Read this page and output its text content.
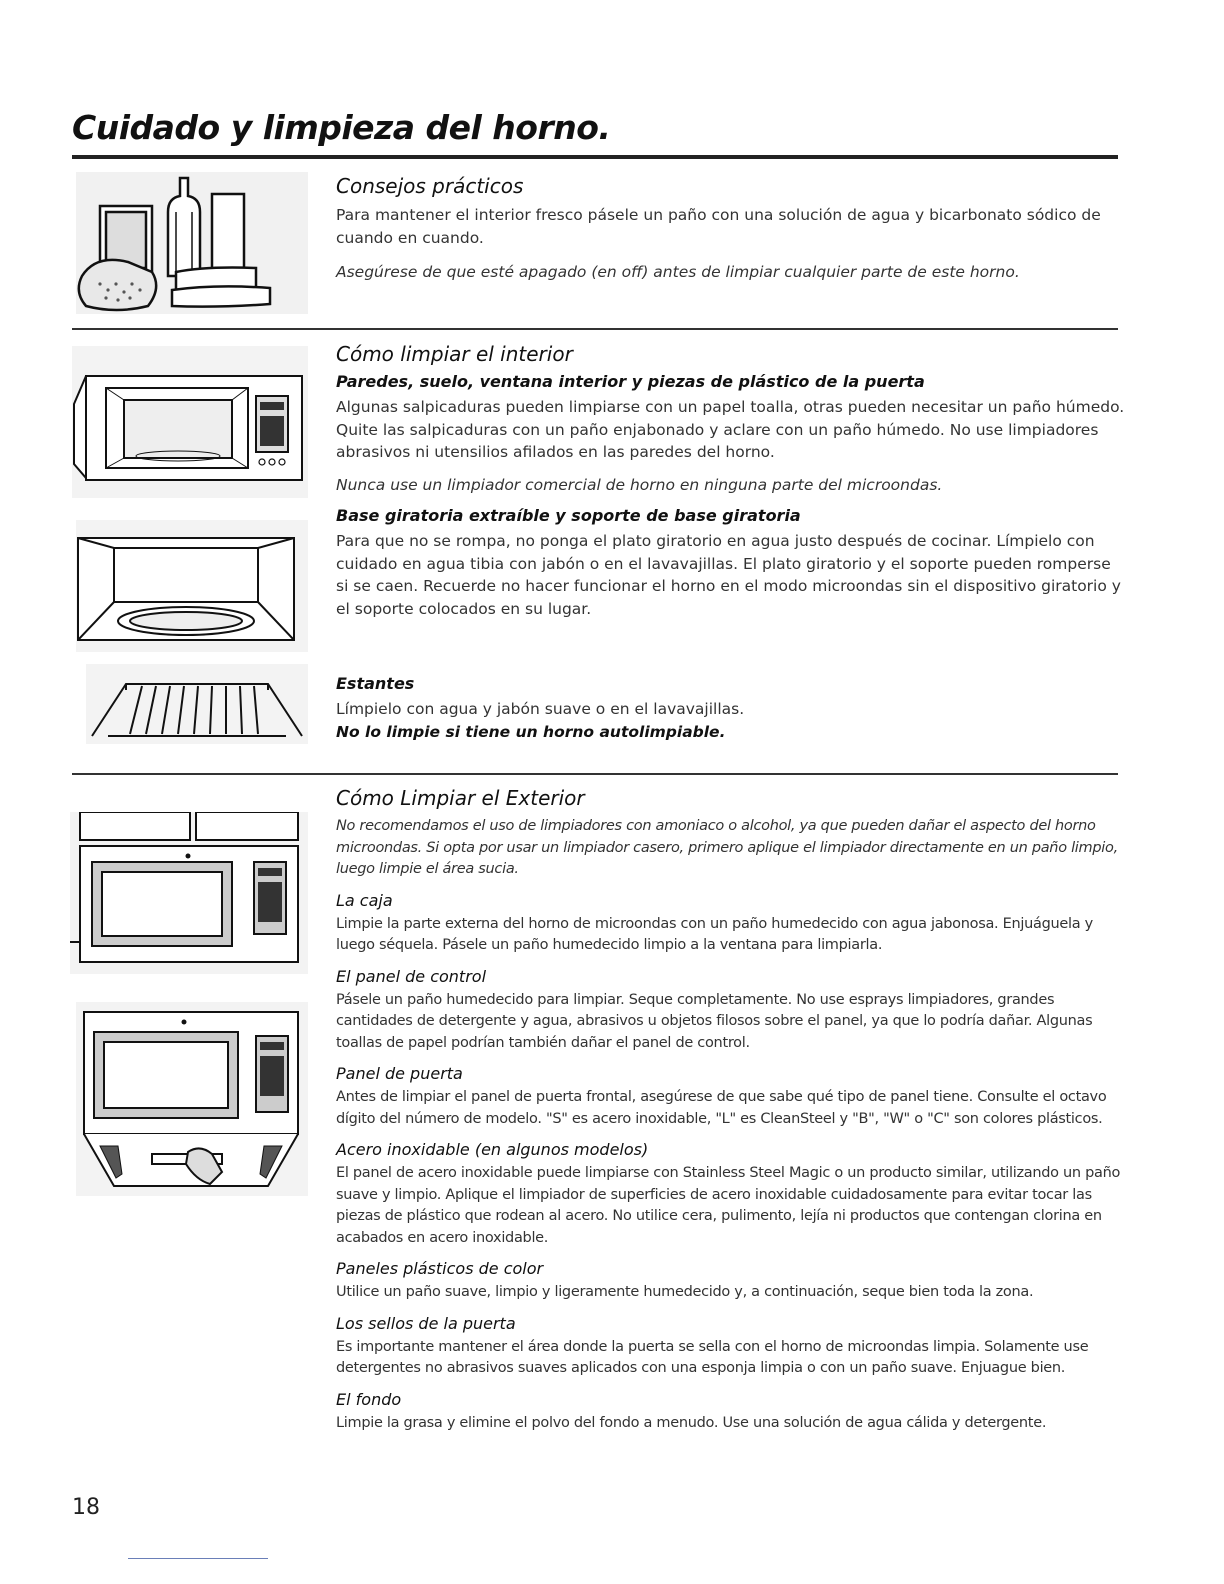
Cuidado y limpieza del horno.
Consejos prácticos

Para mantener el interior fresco pásele un paño con una solución de agua y bicarbonato sódico de cuando en cuando.

Asegúrese de que esté apagado (en off) antes de limpiar cualquier parte de este horno.

Cómo limpiar el interior
Paredes, suelo, ventana interior y piezas de plástico de la puerta

Algunas salpicaduras pueden limpiarse con un papel toalla, otras pueden necesitar un paño húmedo. Quite las salpicaduras con un paño enjabonado y aclare con un paño húmedo. No use limpiadores abrasivos ni utensilios afilados en las paredes del horno.

Nunca use un limpiador comercial de horno en ninguna parte del microondas.

Base giratoria extraíble y soporte de base giratoria

Para que no se rompa, no ponga el plato giratorio en agua justo después de cocinar. Límpielo con cuidado en agua tibia con jabón o en el lavavajillas. El plato giratorio y el soporte pueden romperse si se caen. Recuerde no hacer funcionar el horno en el modo microondas sin el dispositivo giratorio y el soporte colocados en su lugar.

Estantes

Límpielo con agua y jabón suave o en el lavavajillas.

No lo limpie si tiene un horno autolimpiable.

Cómo Limpiar el Exterior

No recomendamos el uso de limpiadores con amoniaco o alcohol, ya que pueden dañar el aspecto del horno microondas. Si opta por usar un limpiador casero, primero aplique el limpiador directamente en un paño limpio, luego limpie el área sucia.

La caja

Limpie la parte externa del horno de microondas con un paño humedecido con agua jabonosa. Enjuáguela y luego séquela. Pásele un paño humedecido limpio a la ventana para limpiarla.

El panel de control

Pásele un paño humedecido para limpiar. Seque completamente. No use esprays limpiadores, grandes cantidades de detergente y agua, abrasivos u objetos filosos sobre el panel, ya que lo podría dañar. Algunas toallas de papel podrían también dañar el panel de control.

Panel de puerta

Antes de limpiar el panel de puerta frontal, asegúrese de que sabe qué tipo de panel tiene. Consulte el octavo dígito del número de modelo. "S" es acero inoxidable, "L" es CleanSteel y "B", "W" o "C" son colores plásticos.

Acero inoxidable (en algunos modelos)

El panel de acero inoxidable puede limpiarse con Stainless Steel Magic o un producto similar, utilizando un paño suave y limpio. Aplique el limpiador de superficies de acero inoxidable cuidadosamente para evitar tocar las piezas de plástico que rodean al acero. No utilice cera, pulimento, lejía ni productos que contengan clorina en acabados en acero inoxidable.

Paneles plásticos de color

Utilice un paño suave, limpio y ligeramente humedecido y, a continuación, seque bien toda la zona.

Los sellos de la puerta

Es importante mantener el área donde la puerta se sella con el horno de microondas limpia. Solamente use detergentes no abrasivos suaves aplicados con una esponja limpia o con un paño suave. Enjuague bien.

El fondo

Limpie la grasa y elimine el polvo del fondo a menudo. Use una solución de agua cálida y detergente.

18
